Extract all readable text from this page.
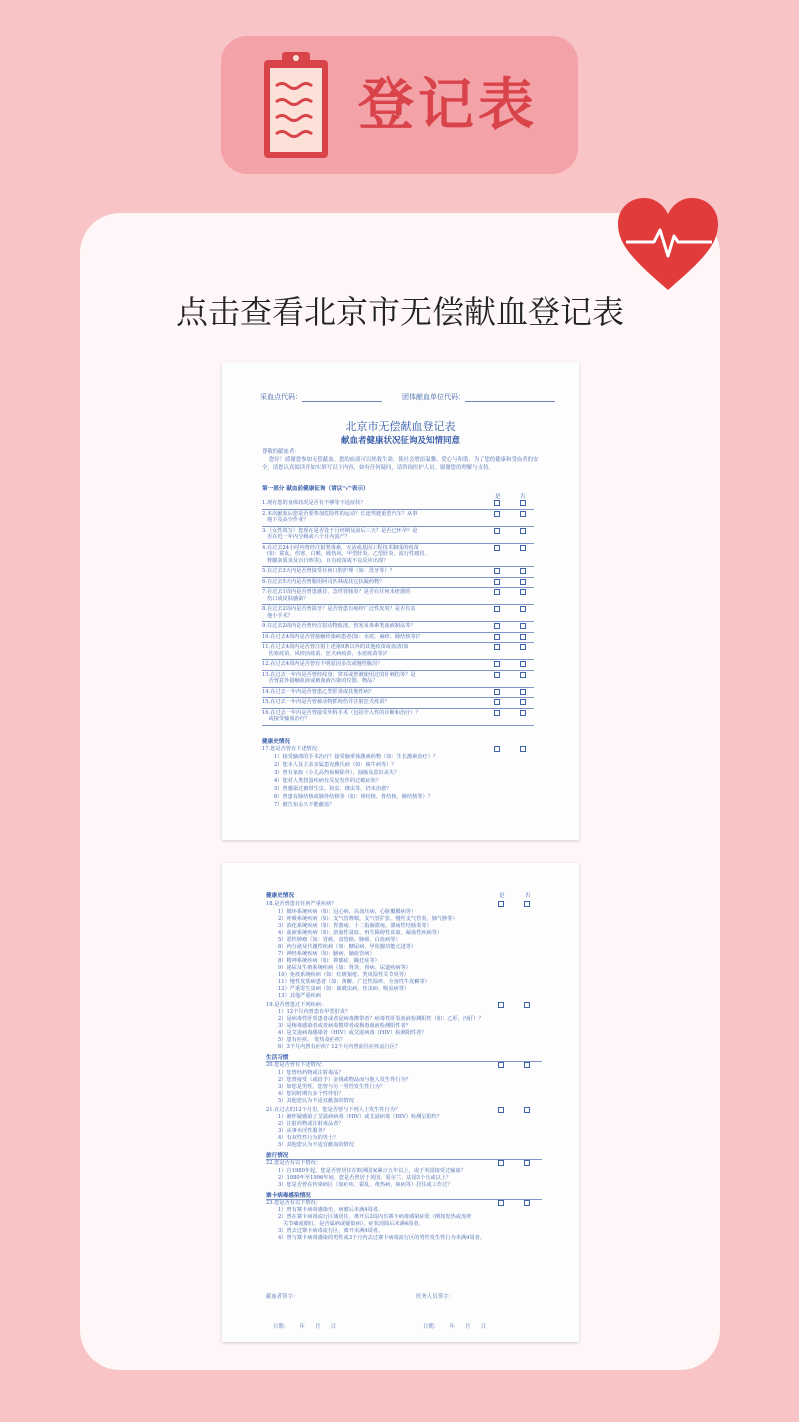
登记表
点击查看北京市无偿献血登记表
采血点代码：	团体献血单位代码：
北京市无偿献血登记表
献血者健康状况征询及知情同意
尊敬的献血者：
您好！感谢您参加无偿献血。您的血液可以拯救生命，使社会增添温馨、爱心与和谐。为了您的健康和受血者的安全，请您认真阅读并如实填写以下内容，如有任何疑问，请咨询医护人员。谢谢您的理解与支持。
第一部分 献血前健康征询（请以"√"表示）
是	否
1.现在您的身体状况是否有不够等不适症状？
2.本次献血后您是否要参加危险性的运动？长途驾驶重型汽车？从事
地下及高空作业？
3.（女性填写）您现在是否处于月经期及前后三天？是否已怀孕？是
否在近一年内分娩或六个月内流产？
4.在过去24小时内曾经注射类毒素，灭活或基因工程技术制成的疫苗
(如：霍乱、伤寒、白喉、破伤风、甲型肝炎、乙型肝炎、流行性感冒、
脊髓灰质炎及百日咳等)，且有疫苗或不良反应出现？
5.在过去3天内是否曾接受任何口腔护理（如：洗牙等）？
6.在过去5天内是否曾服用阿司匹林或其它抗凝药物？
7.在过去1周内是否曾患感冒、急性胃肠炎？是否有任何未痊愈的
伤口或皮肤感染？
8.在过去2周内是否曾拔牙？是否曾患有疱疹广泛性皮炎？是否有其
他小手术？
9.在过去2周内是否曾经注射动物血清、伤寒及毒素类血液制品等？
10.在过去4周内是否曾接触传染病患者(如：水痘、麻疹、肺结核等)？
11.在过去4周内是否曾注射上述第9条以外的其他疫苗或血清(如
伤寒疫苗、风疹活疫苗、狂犬病疫苗、水痘疫苗等)？
12.在过去4周内是否曾有不明原因多次或慢性腹泻？
13.在过去一年内是否曾经纹身、穿耳或曾被使用过的针刺伤等？是
否曾意外接触血液或被血液污染的仪器、物品？
14.在过去一年内是否曾患乙型肝炎或其他性病？
15.在过去一年内是否曾被动物抓咬伤并注射狂犬疫苗？
16.在过去一年内是否曾接受外科手术（包括介入性的诊断和治疗）？
或接受输血治疗？
健康史情况
17.您是否曾有下述情况：
1）接受脑部的手术治疗？接受脑垂体激素药物（如：生长激素治疗）？
2）您本人及主亲亲属患克雅氏病（如：疯牛病等）？
3）曾有家族（小儿高热惊厥除外），抽搐及意识丧失？
4）您对人类扭蛋疾病有反复发作的过敏症状？
5）曾感染过被带生虫、钩虫、绦虫等，仍未治愈？
6）曾患有肺结核或肺外结核等（如：肾结核、骨结核、肠结核等）？
7）被告知永久不能献血？
健康史情况	是	否
18.是否曾患有任何严重疾病？
1）循环系统疾病（如：冠心病、高血压病、心脏瓣膜病等）
2）呼吸系统疾病（如：支气管哮喘，支气管扩张、慢性支气管炎、肺气肿等）
3）消化系统疾病（如：胃溃疡、十二指肠溃疡，溃疡性结肠炎等）
4）血液系统疾病（如：溶血性贫血、再生障碍性贫血、凝血性疾病等）
5）恶性肿瘤（如：胃癌、食管癌、肺癌、白血病等）
6）内分泌及代谢性疾病（如：糖尿病、甲状腺功能亢进等）
7）神经系统疾病（如：脑病、脑血管病）
8）精神系统疾病（如：抑郁症、躁狂症等）
9）泌尿及生殖系统疾病（如：肾炎、肾病、尿道疾病等）
10）免疫系统疾病（如：红斑狼疮、类风湿性关节炎等）
11）慢性皮肤病患者（如：黄癣、广泛性湿疹、全身性牛皮癣等）
12）严重寄生虫病（如：血吸虫病、丝虫病、吸虫病等）
13）其他严重疾病
19.是否曾患过下列疾病：
1）12个月内曾患有甲型肝炎？
2）是病毒性肝炎患者或者是病毒携带者？病毒性肝炎血液检测阳性（如：乙肝、丙肝）？
3）是梅毒感染者或者病毒携带者或梅毒血液检测阳性者？
4）是艾滋病毒感染者（HIV）或艾滋病毒（HIV）检测阳性者？
5）患有疟疾、 发热及疟疾？
6）3个月内曾有疟疾？12个月内曾前往疟疾流行区？
生活习惯
20.您是否曾有下述情况：
1）您曾经药物或注射毒品？
2）您曾接受（或给予）金钱或物品而与他人发生性行为？
3）如您是男性，您曾与另一男性发生性行为？
4）您同时期有多个性伴侣？
5）其他您认为不适宜献血的情况
21.在过去的12个月里，您是否曾与下列人士发生性行为？
1）被怀疑感染了艾滋病病毒（HIV）或艾滋病毒（HIV）检测呈阳性？
2）注射药物或注射毒品者？
3）从事卖淫性服务？
4）有双性性行为的男士？
5）其他您认为不适宜献血的情况
旅行情况
22.您是否有以下情况：
1）自1980年起，您是否曾居住在欧洲国家累计五年以上，或于英国接受过输血？
2）1980年至1996年间，您是否曾居于英国、爱尔兰、法国3个月或以上？
3）您是否曾在传染病区（如疟疾、霍乱、黄热病、疯病等）居住或工作过？
寨卡病毒感染情况
23.您是否有以下情况：
1）曾有寨卡病毒感染史，病愈后未满4周者。
2）曾在寨卡病毒流行区域居住、离开后2周内有寨卡病毒感染症状（例如发热或皮疹
关节痛或眼红，是否属病或疑似病），症状消除后未满4周者。
3）曾去过寨卡病毒流行区，离开未满4周者。
4）曾与寨卡病毒感染的男性或3个月内去过寨卡病毒流行区的男性发生性行为未满4周者。
献血者签字：	医务人员签字：

日期： 年 月 日
	日期： 年 月 日
